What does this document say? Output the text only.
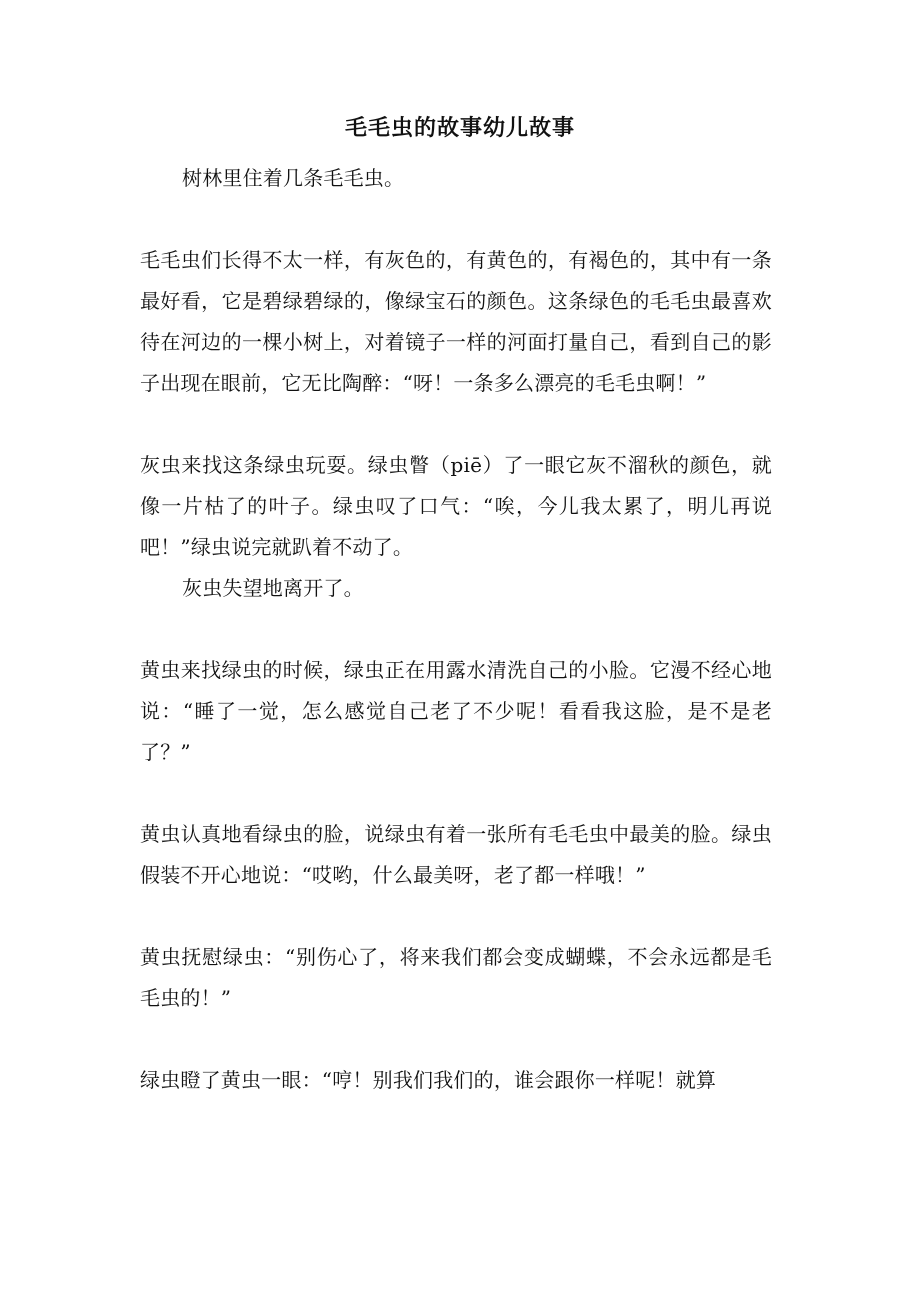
毛毛虫的故事幼儿故事

树林里住着几条毛毛虫。

毛毛虫们长得不太一样，有灰色的，有黄色的，有褐色的，其中有一条最好看，它是碧绿碧绿的，像绿宝石的颜色。这条绿色的毛毛虫最喜欢待在河边的一棵小树上，对着镜子一样的河面打量自己，看到自己的影子出现在眼前，它无比陶醉：“呀！一条多么漂亮的毛毛虫啊！”

灰虫来找这条绿虫玩耍。绿虫瞥（piē）了一眼它灰不溜秋的颜色，就像一片枯了的叶子。绿虫叹了口气：“唉，今儿我太累了，明儿再说吧！”绿虫说完就趴着不动了。

灰虫失望地离开了。

黄虫来找绿虫的时候，绿虫正在用露水清洗自己的小脸。它漫不经心地说：“睡了一觉，怎么感觉自己老了不少呢！看看我这脸，是不是老了？”

黄虫认真地看绿虫的脸，说绿虫有着一张所有毛毛虫中最美的脸。绿虫假装不开心地说：“哎哟，什么最美呀，老了都一样哦！”

黄虫抚慰绿虫：“别伤心了，将来我们都会变成蝴蝶，不会永远都是毛毛虫的！”

绿虫瞪了黄虫一眼：“哼！别我们我们的，谁会跟你一样呢！就算
